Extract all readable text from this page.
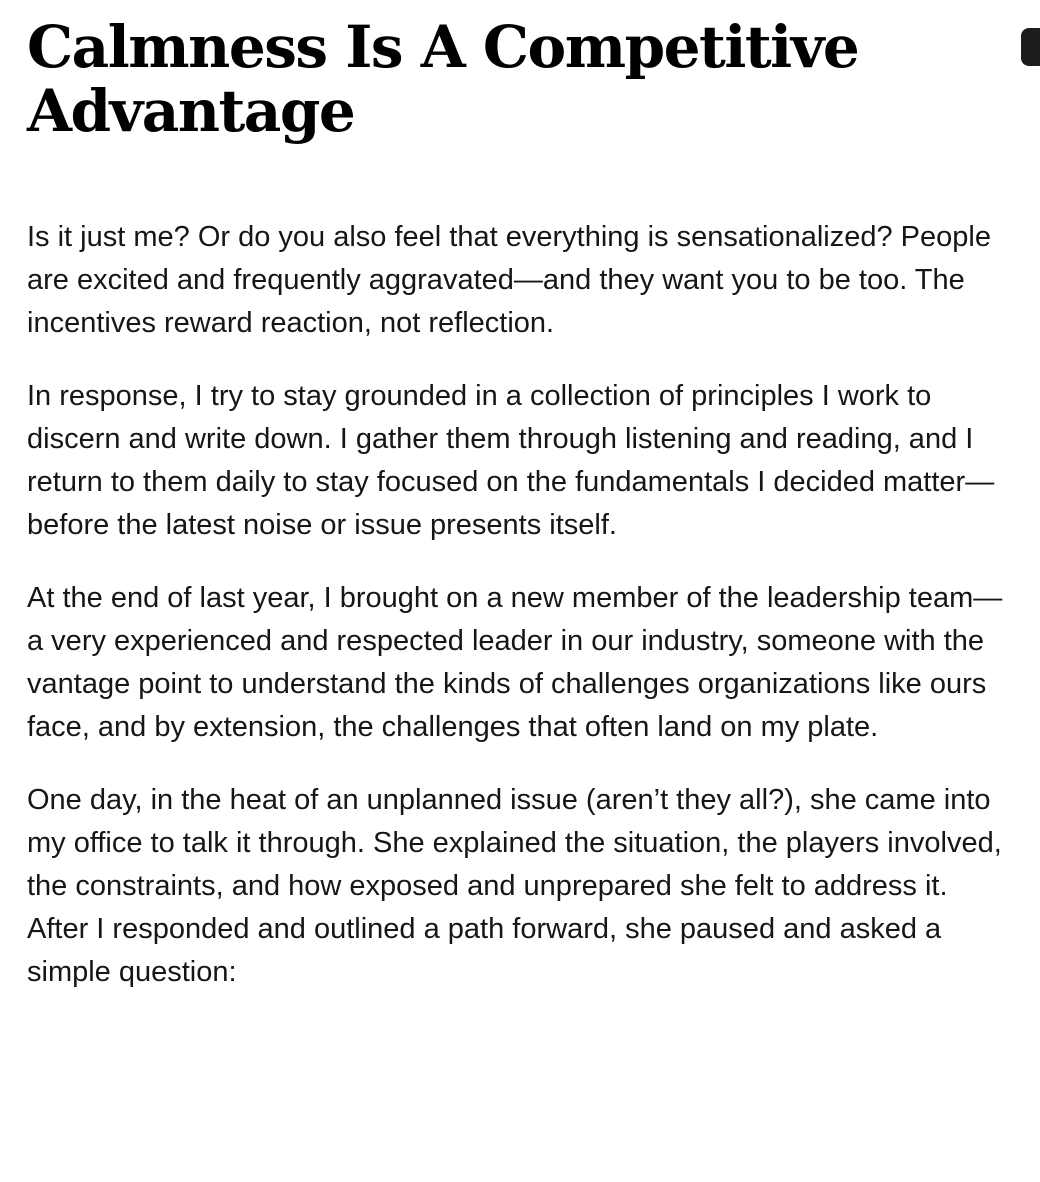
Calmness Is A Competitive Advantage

Is it just me? Or do you also feel that everything is sensationalized? People are excited and frequently aggravated—and they want you to be too. The incentives reward reaction, not reflection.

In response, I try to stay grounded in a collection of principles I work to discern and write down. I gather them through listening and reading, and I return to them daily to stay focused on the fundamentals I decided matter—before the latest noise or issue presents itself.

At the end of last year, I brought on a new member of the leadership team—a very experienced and respected leader in our industry, someone with the vantage point to understand the kinds of challenges organizations like ours face, and by extension, the challenges that often land on my plate.

One day, in the heat of an unplanned issue (aren’t they all?), she came into my office to talk it through. She explained the situation, the players involved, the constraints, and how exposed and unprepared she felt to address it. After I responded and outlined a path forward, she paused and asked a simple question:
